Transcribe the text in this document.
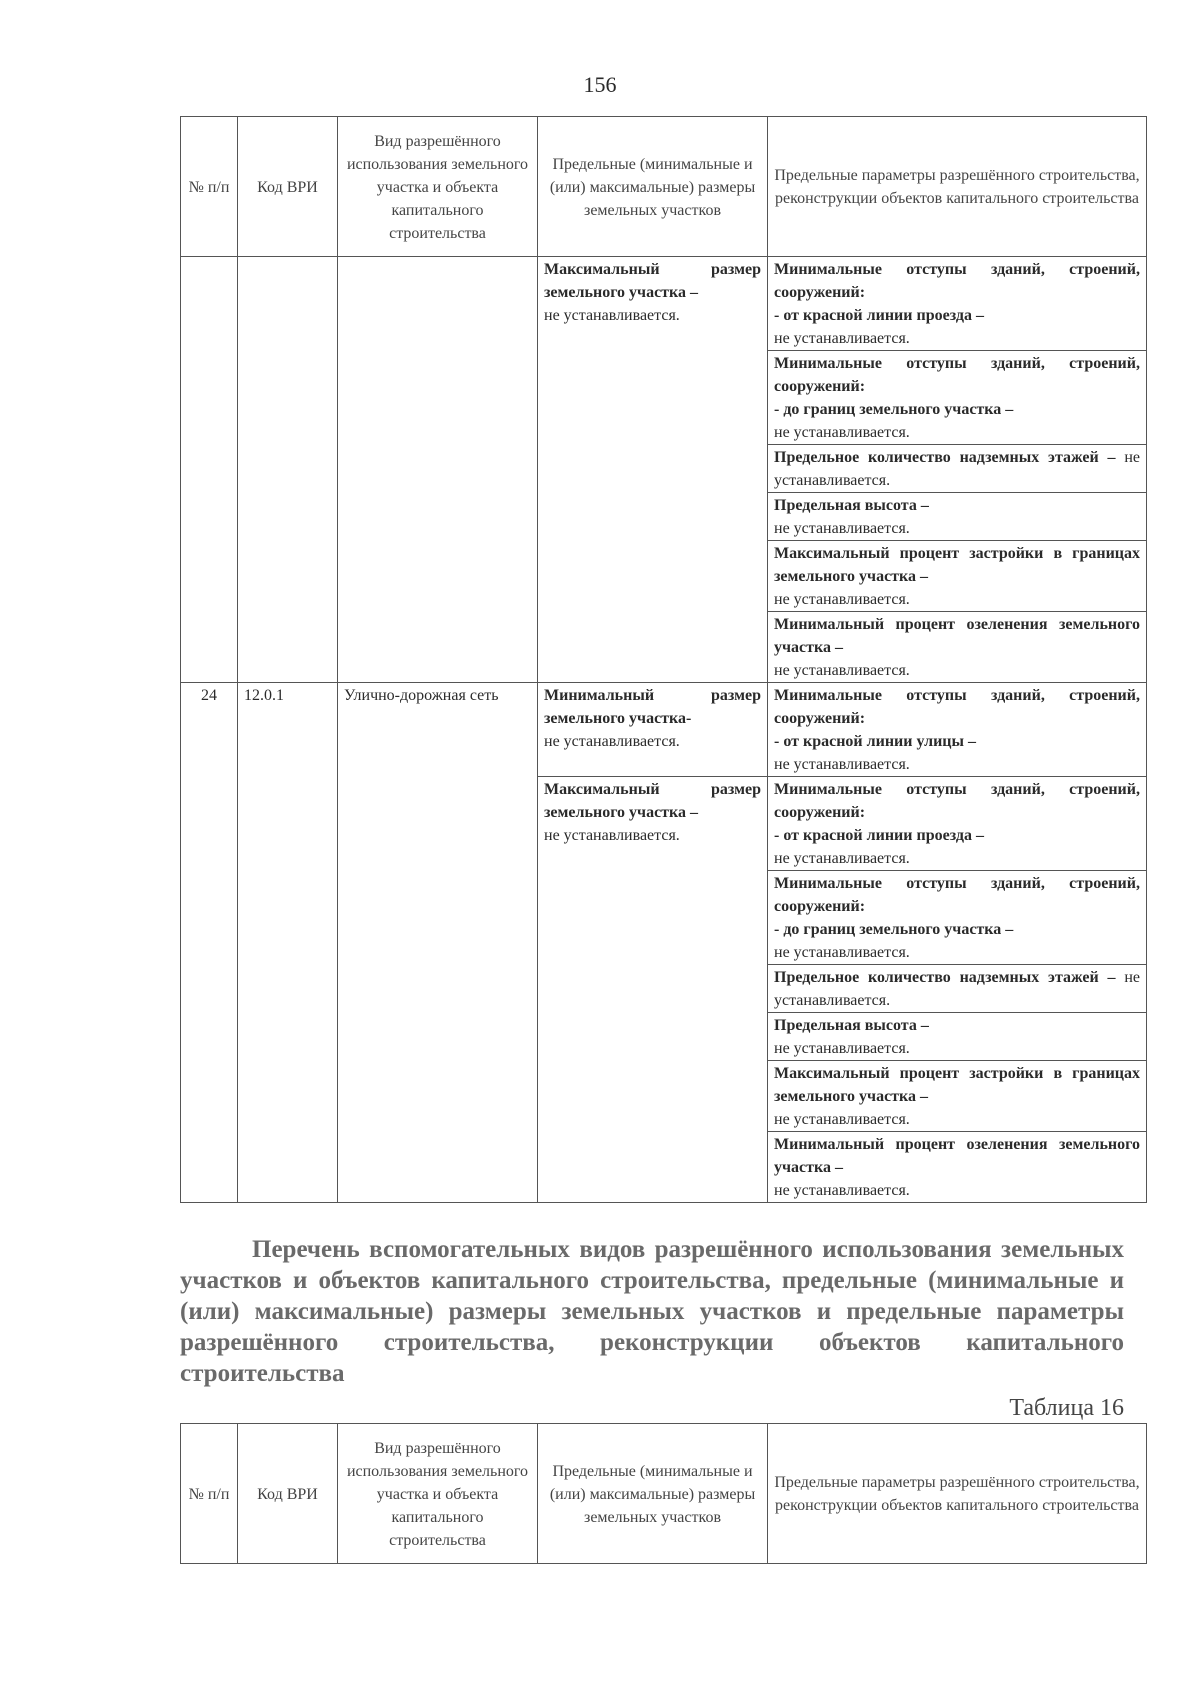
156
№ п/п	Код ВРИ	Вид разрешённого использования земельного участка и объекта капитального строительства	Предельные (минимальные и (или) максимальные) размеры земельных участков	Предельные параметры разрешённого строительства, реконструкции объектов капитального строительства
			Максимальный размер земельного участка –
не устанавливается.	Минимальные отступы зданий, строений, сооружений:
- от красной линии проезда –
не устанавливается.
				Минимальные отступы зданий, строений, сооружений:
- до границ земельного участка –
не устанавливается.
				Предельное количество надземных этажей – не устанавливается.
				Предельная высота –
не устанавливается.
				Максимальный процент застройки в границах земельного участка –
не устанавливается.
				Минимальный процент озеленения земельного участка –
не устанавливается.
24	12.0.1	Улично-дорожная сеть	Минимальный размер земельного участка-
не устанавливается.	Минимальные отступы зданий, строений, сооружений:
- от красной линии улицы –
не устанавливается.
			Максимальный размер земельного участка –
не устанавливается.	Минимальные отступы зданий, строений, сооружений:
- от красной линии проезда –
не устанавливается.
				Минимальные отступы зданий, строений, сооружений:
- до границ земельного участка –
не устанавливается.
				Предельное количество надземных этажей – не устанавливается.
				Предельная высота –
не устанавливается.
				Максимальный процент застройки в границах земельного участка –
не устанавливается.
				Минимальный процент озеленения земельного участка –
не устанавливается.
Перечень вспомогательных видов разрешённого использования земельных участков и объектов капитального строительства, предельные (минимальные и (или) максимальные) размеры земельных участков и предельные параметры разрешённого строительства, реконструкции объектов капитального строительства
Таблица 16
№ п/п	Код ВРИ	Вид разрешённого использования земельного участка и объекта капитального строительства	Предельные (минимальные и (или) максимальные) размеры земельных участков	Предельные параметры разрешённого строительства, реконструкции объектов капитального строительства
